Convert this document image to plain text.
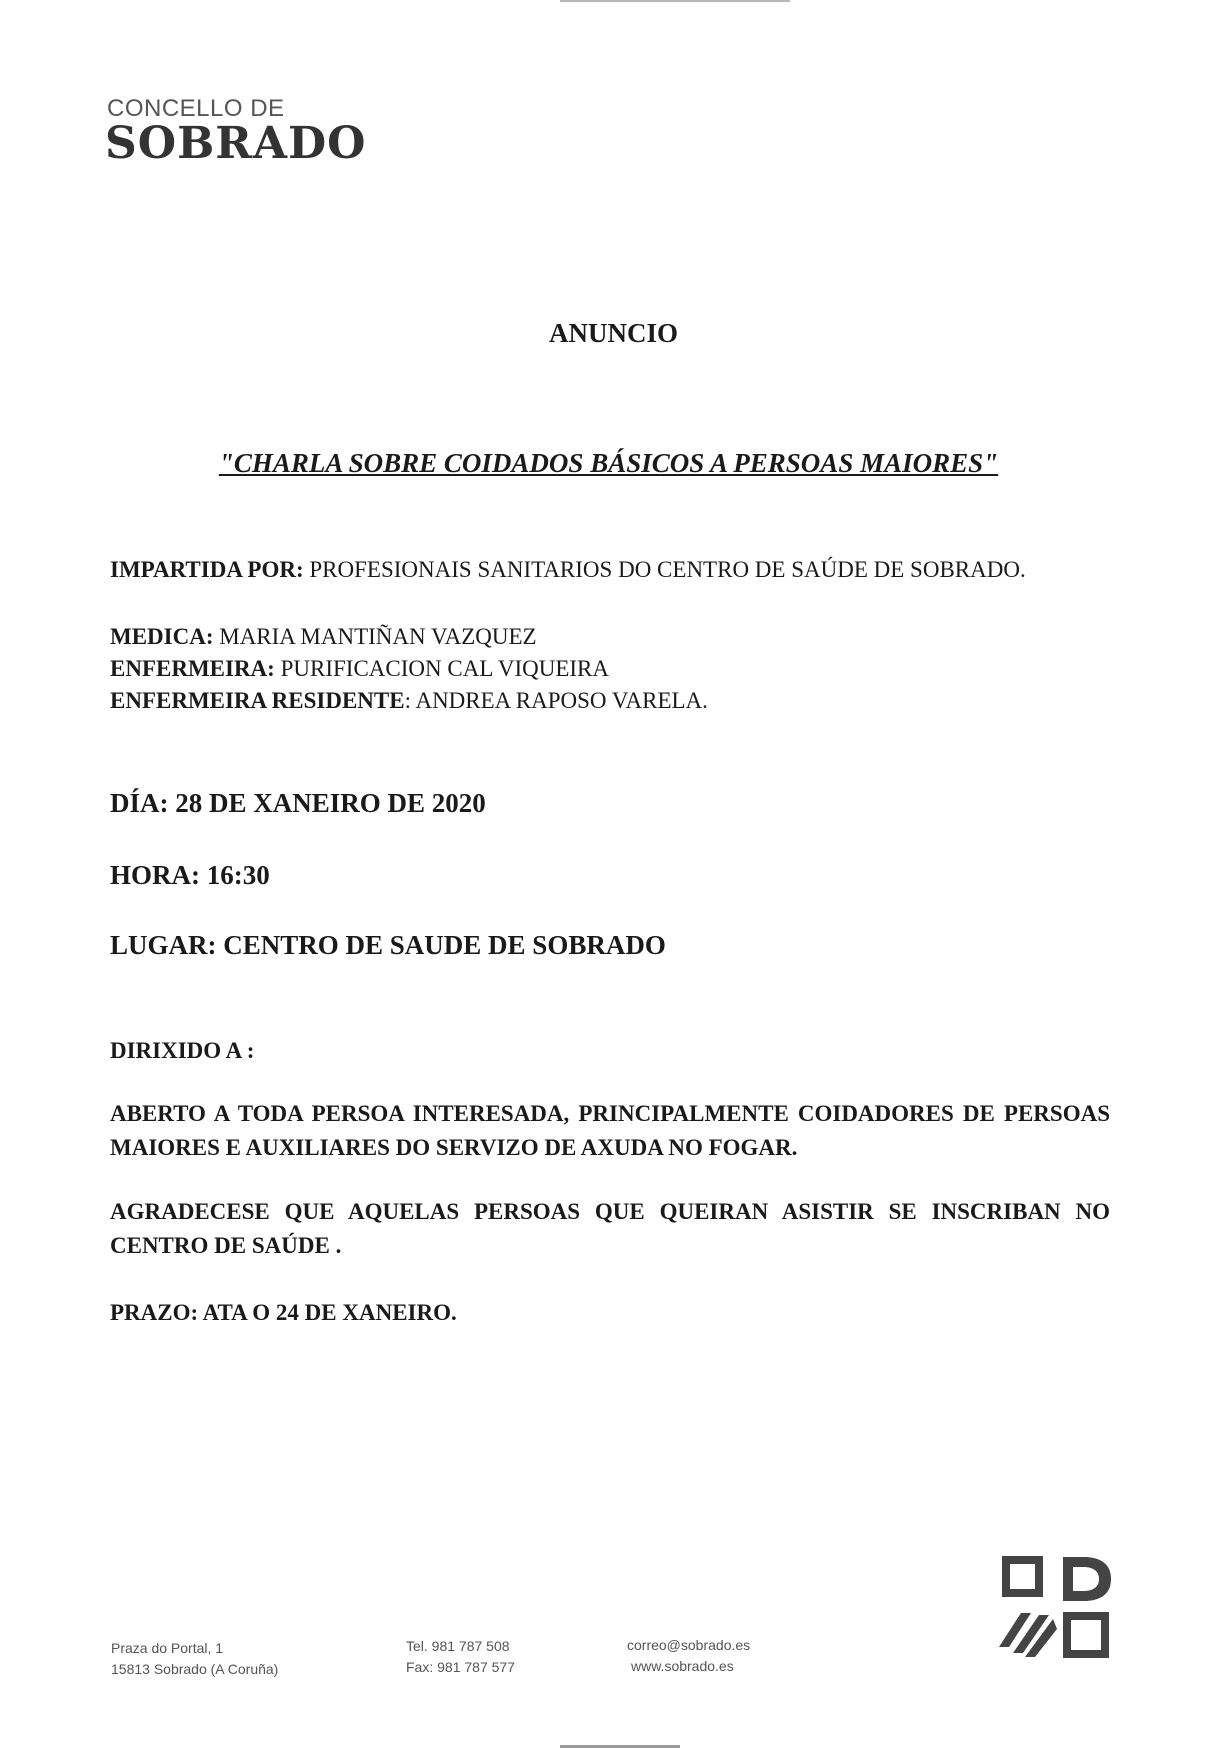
CONCELLO DE
SOBRADO
ANUNCIO
"CHARLA SOBRE COIDADOS BÁSICOS A PERSOAS MAIORES"
IMPARTIDA POR: PROFESIONAIS SANITARIOS DO CENTRO DE SAÚDE DE SOBRADO.
MEDICA: MARIA MANTIÑAN VAZQUEZ
ENFERMEIRA: PURIFICACION CAL VIQUEIRA
ENFERMEIRA RESIDENTE: ANDREA RAPOSO VARELA.
DÍA: 28 DE XANEIRO DE 2020
HORA: 16:30
LUGAR: CENTRO DE SAUDE DE SOBRADO
DIRIXIDO A :
ABERTO A TODA PERSOA INTERESADA, PRINCIPALMENTE COIDADORES DE PERSOAS MAIORES E AUXILIARES DO SERVIZO DE AXUDA NO FOGAR.
AGRADECESE QUE AQUELAS PERSOAS QUE QUEIRAN ASISTIR SE INSCRIBAN NO CENTRO DE SAÚDE .
PRAZO: ATA O 24 DE XANEIRO.
Praza do Portal, 1
15813 Sobrado (A Coruña)
Tel. 981 787 508
Fax: 981 787 577
correo@sobrado.es
www.sobrado.es
